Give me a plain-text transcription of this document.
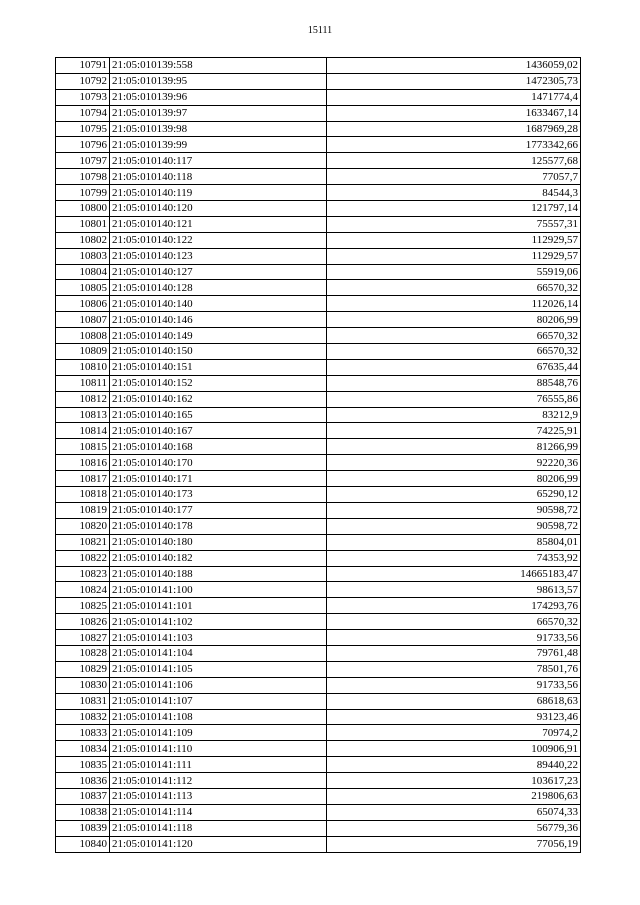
15111
10791	21:05:010139:558	1436059,02
10792	21:05:010139:95	1472305,73
10793	21:05:010139:96	1471774,4
10794	21:05:010139:97	1633467,14
10795	21:05:010139:98	1687969,28
10796	21:05:010139:99	1773342,66
10797	21:05:010140:117	125577,68
10798	21:05:010140:118	77057,7
10799	21:05:010140:119	84544,3
10800	21:05:010140:120	121797,14
10801	21:05:010140:121	75557,31
10802	21:05:010140:122	112929,57
10803	21:05:010140:123	112929,57
10804	21:05:010140:127	55919,06
10805	21:05:010140:128	66570,32
10806	21:05:010140:140	112026,14
10807	21:05:010140:146	80206,99
10808	21:05:010140:149	66570,32
10809	21:05:010140:150	66570,32
10810	21:05:010140:151	67635,44
10811	21:05:010140:152	88548,76
10812	21:05:010140:162	76555,86
10813	21:05:010140:165	83212,9
10814	21:05:010140:167	74225,91
10815	21:05:010140:168	81266,99
10816	21:05:010140:170	92220,36
10817	21:05:010140:171	80206,99
10818	21:05:010140:173	65290,12
10819	21:05:010140:177	90598,72
10820	21:05:010140:178	90598,72
10821	21:05:010140:180	85804,01
10822	21:05:010140:182	74353,92
10823	21:05:010140:188	14665183,47
10824	21:05:010141:100	98613,57
10825	21:05:010141:101	174293,76
10826	21:05:010141:102	66570,32
10827	21:05:010141:103	91733,56
10828	21:05:010141:104	79761,48
10829	21:05:010141:105	78501,76
10830	21:05:010141:106	91733,56
10831	21:05:010141:107	68618,63
10832	21:05:010141:108	93123,46
10833	21:05:010141:109	70974,2
10834	21:05:010141:110	100906,91
10835	21:05:010141:111	89440,22
10836	21:05:010141:112	103617,23
10837	21:05:010141:113	219806,63
10838	21:05:010141:114	65074,33
10839	21:05:010141:118	56779,36
10840	21:05:010141:120	77056,19
